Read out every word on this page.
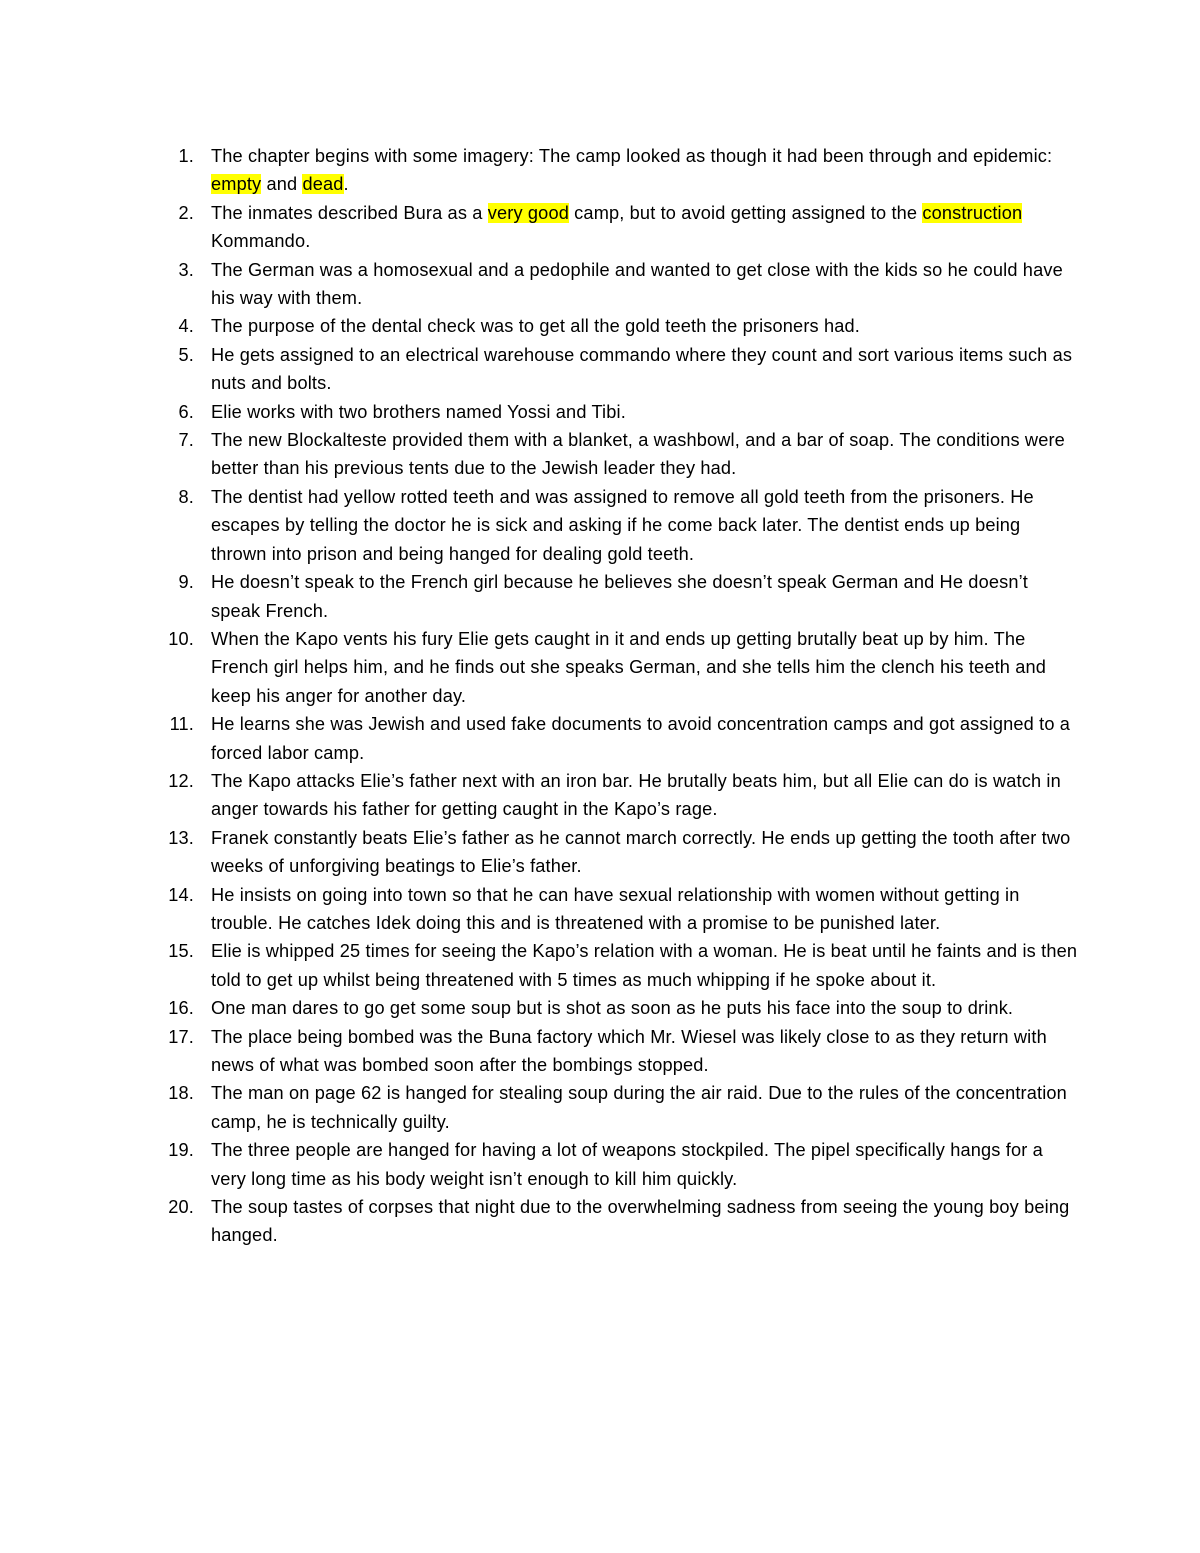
1. The chapter begins with some imagery: The camp looked as though it had been through and epidemic: empty and dead.
2. The inmates described Bura as a very good camp, but to avoid getting assigned to the construction Kommando.
3. The German was a homosexual and a pedophile and wanted to get close with the kids so he could have his way with them.
4. The purpose of the dental check was to get all the gold teeth the prisoners had.
5. He gets assigned to an electrical warehouse commando where they count and sort various items such as nuts and bolts.
6. Elie works with two brothers named Yossi and Tibi.
7. The new Blockalteste provided them with a blanket, a washbowl, and a bar of soap. The conditions were better than his previous tents due to the Jewish leader they had.
8. The dentist had yellow rotted teeth and was assigned to remove all gold teeth from the prisoners. He escapes by telling the doctor he is sick and asking if he come back later. The dentist ends up being thrown into prison and being hanged for dealing gold teeth.
9. He doesn’t speak to the French girl because he believes she doesn’t speak German and He doesn’t speak French.
10. When the Kapo vents his fury Elie gets caught in it and ends up getting brutally beat up by him. The French girl helps him, and he finds out she speaks German, and she tells him the clench his teeth and keep his anger for another day.
11. He learns she was Jewish and used fake documents to avoid concentration camps and got assigned to a forced labor camp.
12. The Kapo attacks Elie’s father next with an iron bar. He brutally beats him, but all Elie can do is watch in anger towards his father for getting caught in the Kapo’s rage.
13. Franek constantly beats Elie’s father as he cannot march correctly. He ends up getting the tooth after two weeks of unforgiving beatings to Elie’s father.
14. He insists on going into town so that he can have sexual relationship with women without getting in trouble. He catches Idek doing this and is threatened with a promise to be punished later.
15. Elie is whipped 25 times for seeing the Kapo’s relation with a woman. He is beat until he faints and is then told to get up whilst being threatened with 5 times as much whipping if he spoke about it.
16. One man dares to go get some soup but is shot as soon as he puts his face into the soup to drink.
17. The place being bombed was the Buna factory which Mr. Wiesel was likely close to as they return with news of what was bombed soon after the bombings stopped.
18. The man on page 62 is hanged for stealing soup during the air raid. Due to the rules of the concentration camp, he is technically guilty.
19. The three people are hanged for having a lot of weapons stockpiled. The pipel specifically hangs for a very long time as his body weight isn’t enough to kill him quickly.
20. The soup tastes of corpses that night due to the overwhelming sadness from seeing the young boy being hanged.
